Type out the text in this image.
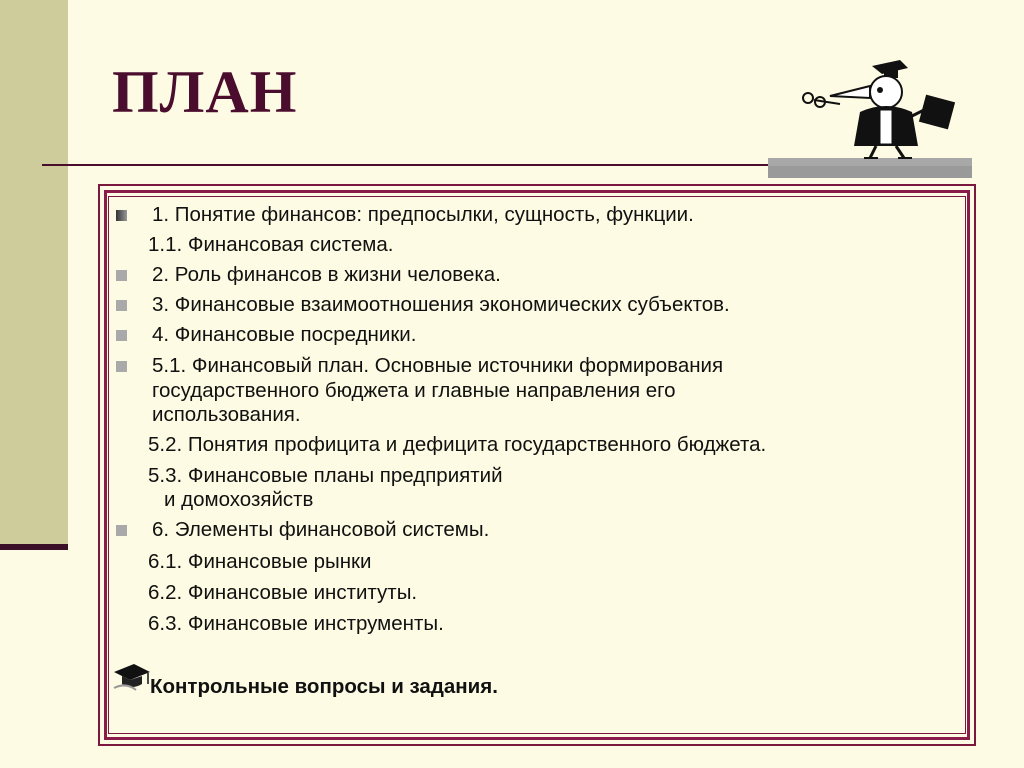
ПЛАН
1. Понятие финансов: предпосылки, сущность, функции.
1.1. Финансовая система.
2. Роль финансов в жизни человека.
3. Финансовые взаимоотношения экономических субъектов.
4. Финансовые посредники.
5.1. Финансовый план. Основные источники формирования
государственного бюджета и главные направления его
использования.
5.2. Понятия профицита и дефицита государственного бюджета.
5.3. Финансовые планы предприятий
и домохозяйств
6. Элементы финансовой системы.
6.1. Финансовые рынки
6.2. Финансовые институты.
6.3. Финансовые инструменты.
Контрольные вопросы и задания.
